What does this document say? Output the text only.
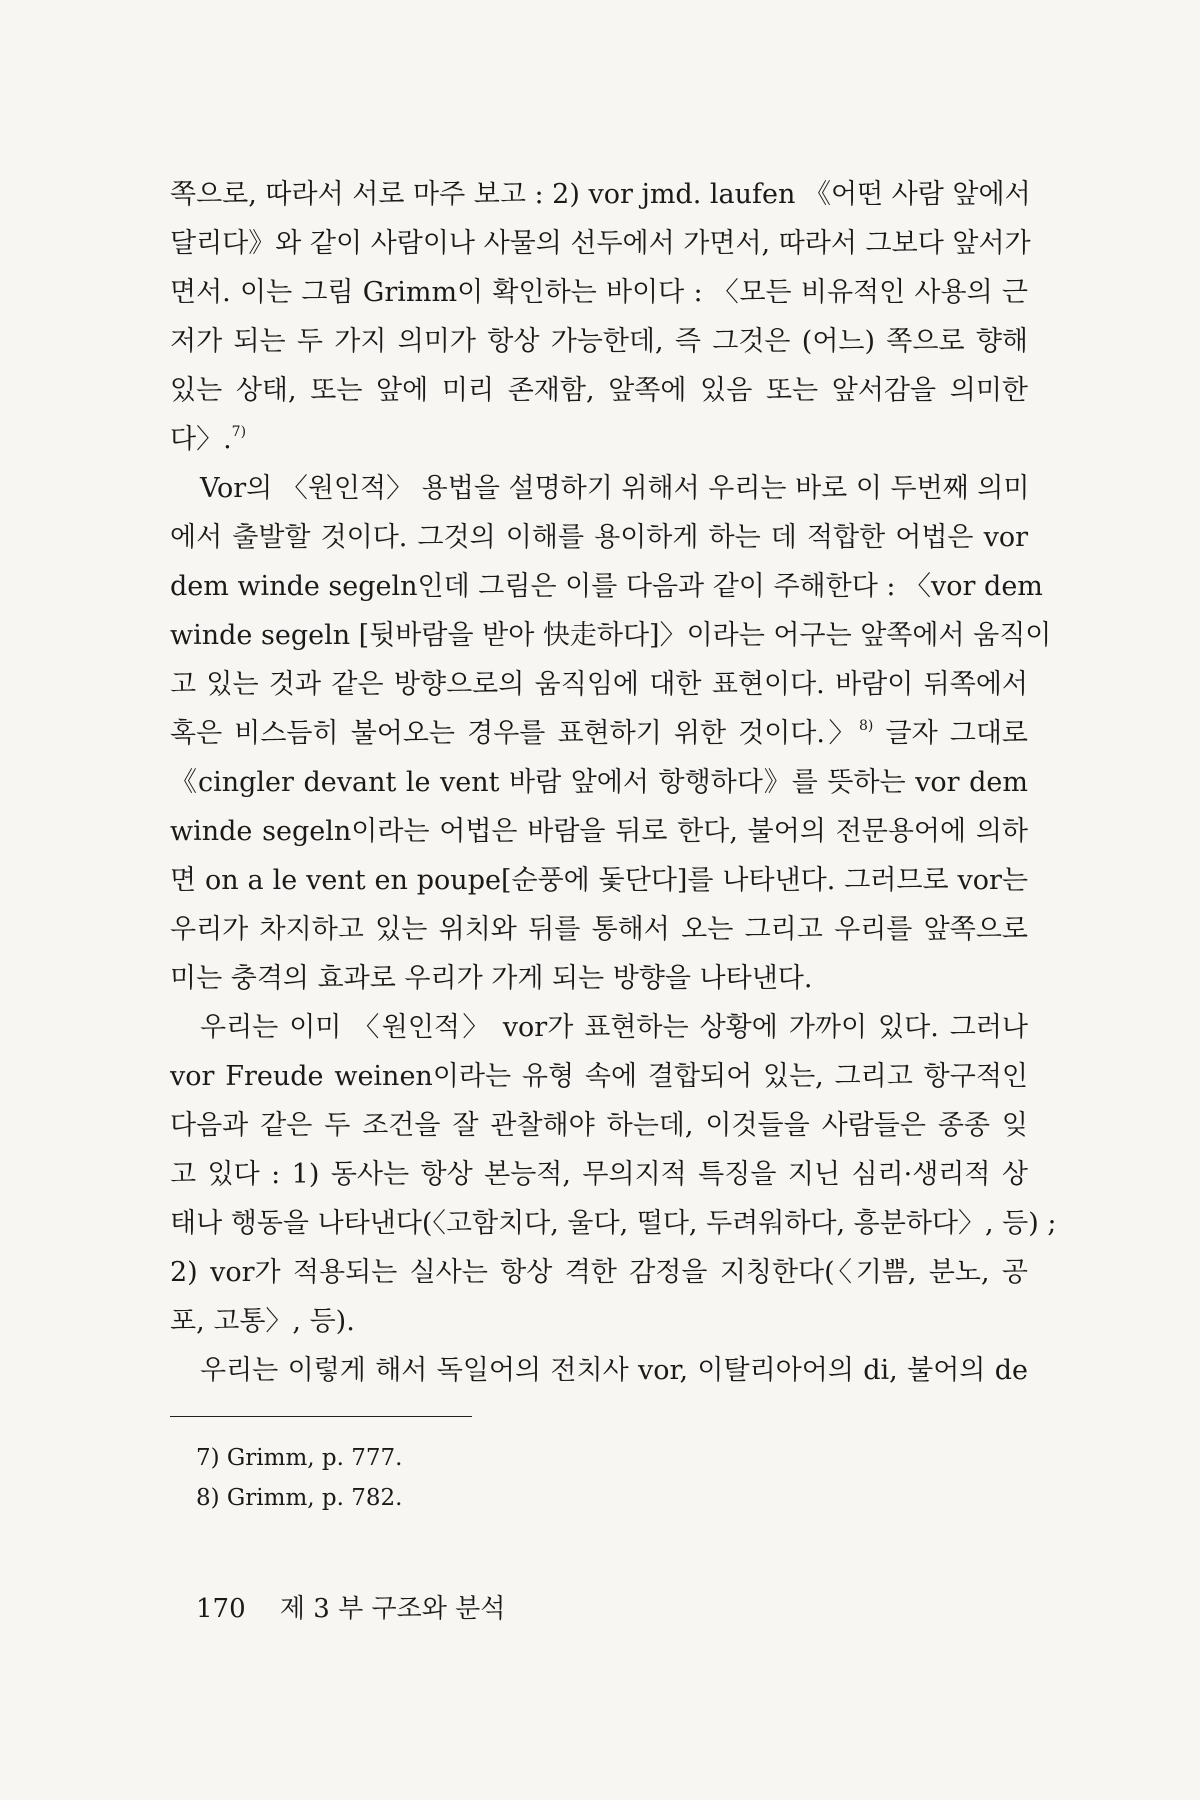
쪽으로, 따라서 서로 마주 보고 : 2) vor jmd. laufen 《어떤 사람 앞에서
달리다》와 같이 사람이나 사물의 선두에서 가면서, 따라서 그보다 앞서가
면서. 이는 그림 Grimm이 확인하는 바이다 : 〈모든 비유적인 사용의 근
저가 되는 두 가지 의미가 항상 가능한데, 즉 그것은 (어느) 쪽으로 향해
있는 상태, 또는 앞에 미리 존재함, 앞쪽에 있음 또는 앞서감을 의미한
다〉.$^{7)}$
Vor의 〈원인적〉 용법을 설명하기 위해서 우리는 바로 이 두번째 의미
에서 출발할 것이다. 그것의 이해를 용이하게 하는 데 적합한 어법은 vor
dem winde segeln인데 그림은 이를 다음과 같이 주해한다 : 〈vor dem
winde segeln [뒷바람을 받아 快走하다]〉이라는 어구는 앞쪽에서 움직이
고 있는 것과 같은 방향으로의 움직임에 대한 표현이다. 바람이 뒤쪽에서
혹은 비스듬히 불어오는 경우를 표현하기 위한 것이다.〉$^{8)}$ 글자 그대로
《cingler devant le vent 바람 앞에서 항행하다》를 뜻하는 vor dem
winde segeln이라는 어법은 바람을 뒤로 한다, 불어의 전문용어에 의하
면 on a le vent en poupe[순풍에 돛단다]를 나타낸다. 그러므로 vor는
우리가 차지하고 있는 위치와 뒤를 통해서 오는 그리고 우리를 앞쪽으로
미는 충격의 효과로 우리가 가게 되는 방향을 나타낸다.
우리는 이미 〈원인적〉 vor가 표현하는 상황에 가까이 있다. 그러나
vor Freude weinen이라는 유형 속에 결합되어 있는, 그리고 항구적인
다음과 같은 두 조건을 잘 관찰해야 하는데, 이것들을 사람들은 종종 잊
고 있다 : 1) 동사는 항상 본능적, 무의지적 특징을 지닌 심리·생리적 상
태나 행동을 나타낸다(〈고함치다, 울다, 떨다, 두려워하다, 흥분하다〉, 등) ;
2) vor가 적용되는 실사는 항상 격한 감정을 지칭한다(〈기쁨, 분노, 공
포, 고통〉, 등).
우리는 이렇게 해서 독일어의 전치사 vor, 이탈리아어의 di, 불어의 de
7) Grimm, p. 777.
8) Grimm, p. 782.
170 제 3 부 구조와 분석
